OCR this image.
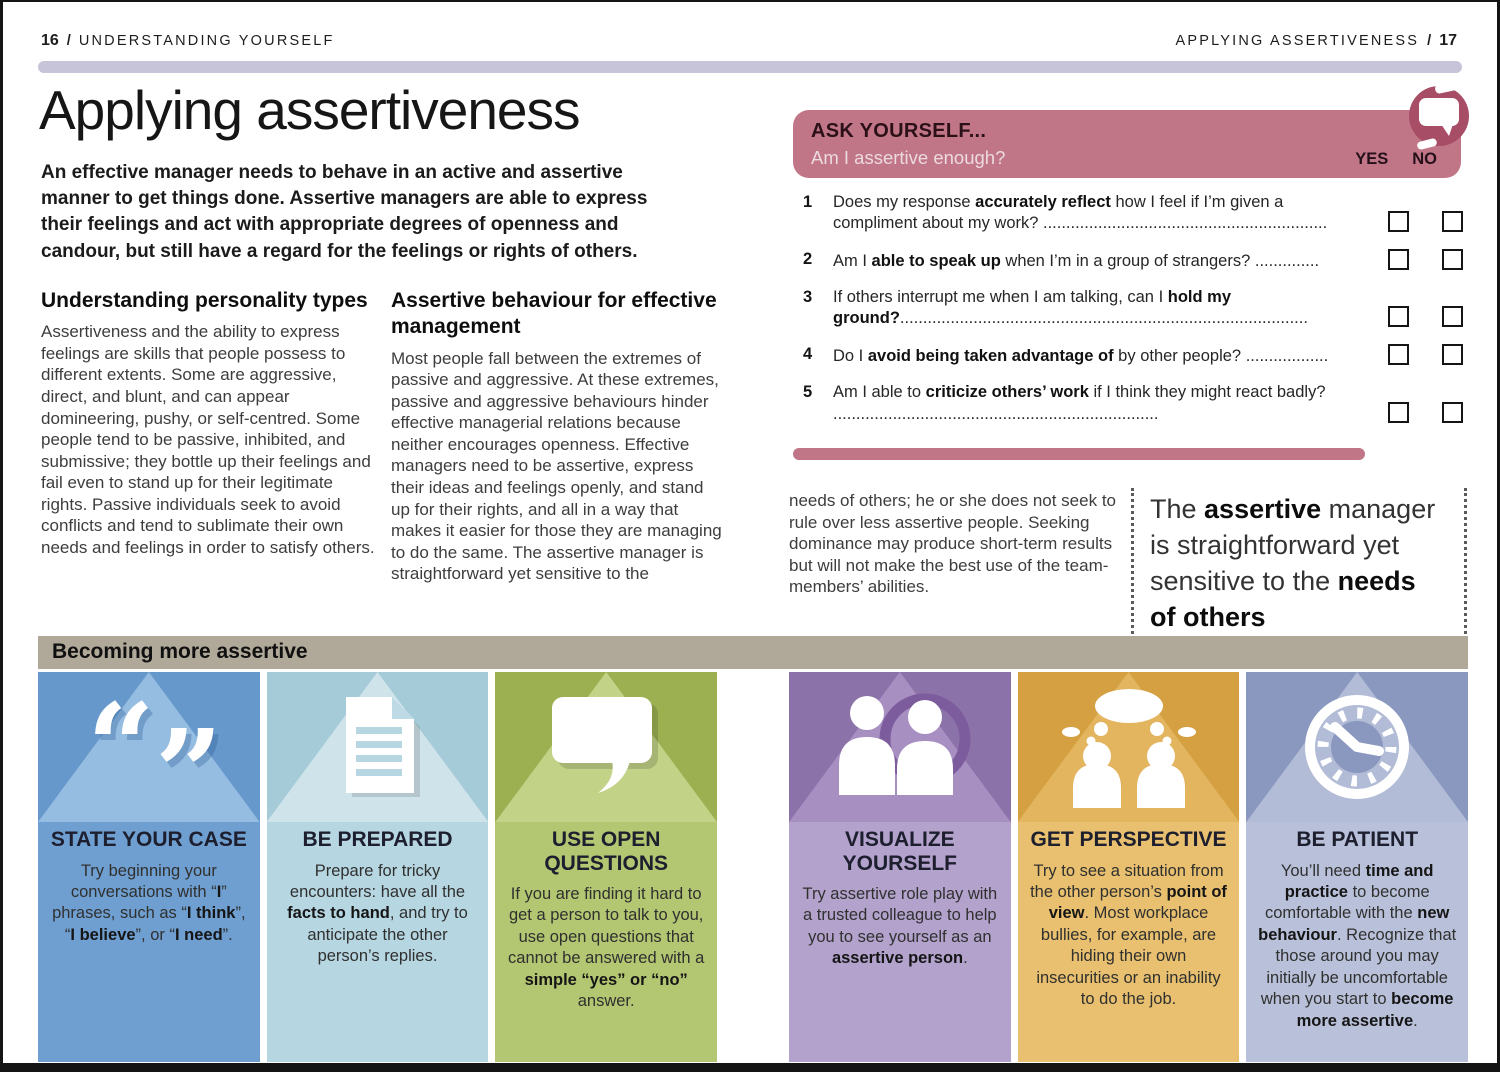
16 / UNDERSTANDING YOURSELF	APPLYING ASSERTIVENESS / 17
Applying assertiveness

An effective manager needs to behave in an active and assertive manner to get things done. Assertive managers are able to express their feelings and act with appropriate degrees of openness and candour, but still have a regard for the feelings or rights of others.

Understanding personality types

Assertiveness and the ability to express feelings are skills that people possess to different extents. Some are aggressive, direct, and blunt, and can appear domineering, pushy, or self-centred. Some people tend to be passive, inhibited, and submissive; they bottle up their feelings and fail even to stand up for their legitimate rights. Passive individuals seek to avoid conflicts and tend to sublimate their own needs and feelings in order to satisfy others.

Assertive behaviour for effective management

Most people fall between the extremes of passive and aggressive. At these extremes, passive and aggressive behaviours hinder effective managerial relations because neither encourages openness. Effective managers need to be assertive, express their ideas and feelings openly, and stand up for their rights, and all in a way that makes it easier for those they are managing to do the same. The assertive manager is straightforward yet sensitive to the

ASK YOURSELF...
Am I assertive enough?	YES NO
1	Does my response accurately reflect how I feel if I’m given a compliment about my work? ..............................................................
2	Am I able to speak up when I’m in a group of strangers? ..............
3	If others interrupt me when I am talking, can I hold my ground?.........................................................................................
4	Do I avoid being taken advantage of by other people? ..................
5	Am I able to criticize others’ work if I think they might react badly? .......................................................................

needs of others; he or she does not seek to rule over less assertive people. Seeking dominance may produce short-term results but will not make the best use of the team-members’ abilities.

The assertive manager is straightforward yet sensitive to the needs of others
Becoming more assertive
“”
STATE YOUR CASE

Try beginning your conversations with “I” phrases, such as “I think”, “I believe”, or “I need”.

BE PREPARED

Prepare for tricky encounters: have all the facts to hand, and try to anticipate the other person’s replies.

USE OPEN QUESTIONS

If you are finding it hard to get a person to talk to you, use open questions that cannot be answered with a simple “yes” or “no” answer.

VISUALIZE YOURSELF

Try assertive role play with a trusted colleague to help you to see yourself as an assertive person.

GET PERSPECTIVE

Try to see a situation from the other person’s point of view. Most workplace bullies, for example, are hiding their own insecurities or an inability to do the job.

BE PATIENT

You’ll need time and practice to become comfortable with the new behaviour. Recognize that those around you may initially be uncomfortable when you start to become more assertive.
